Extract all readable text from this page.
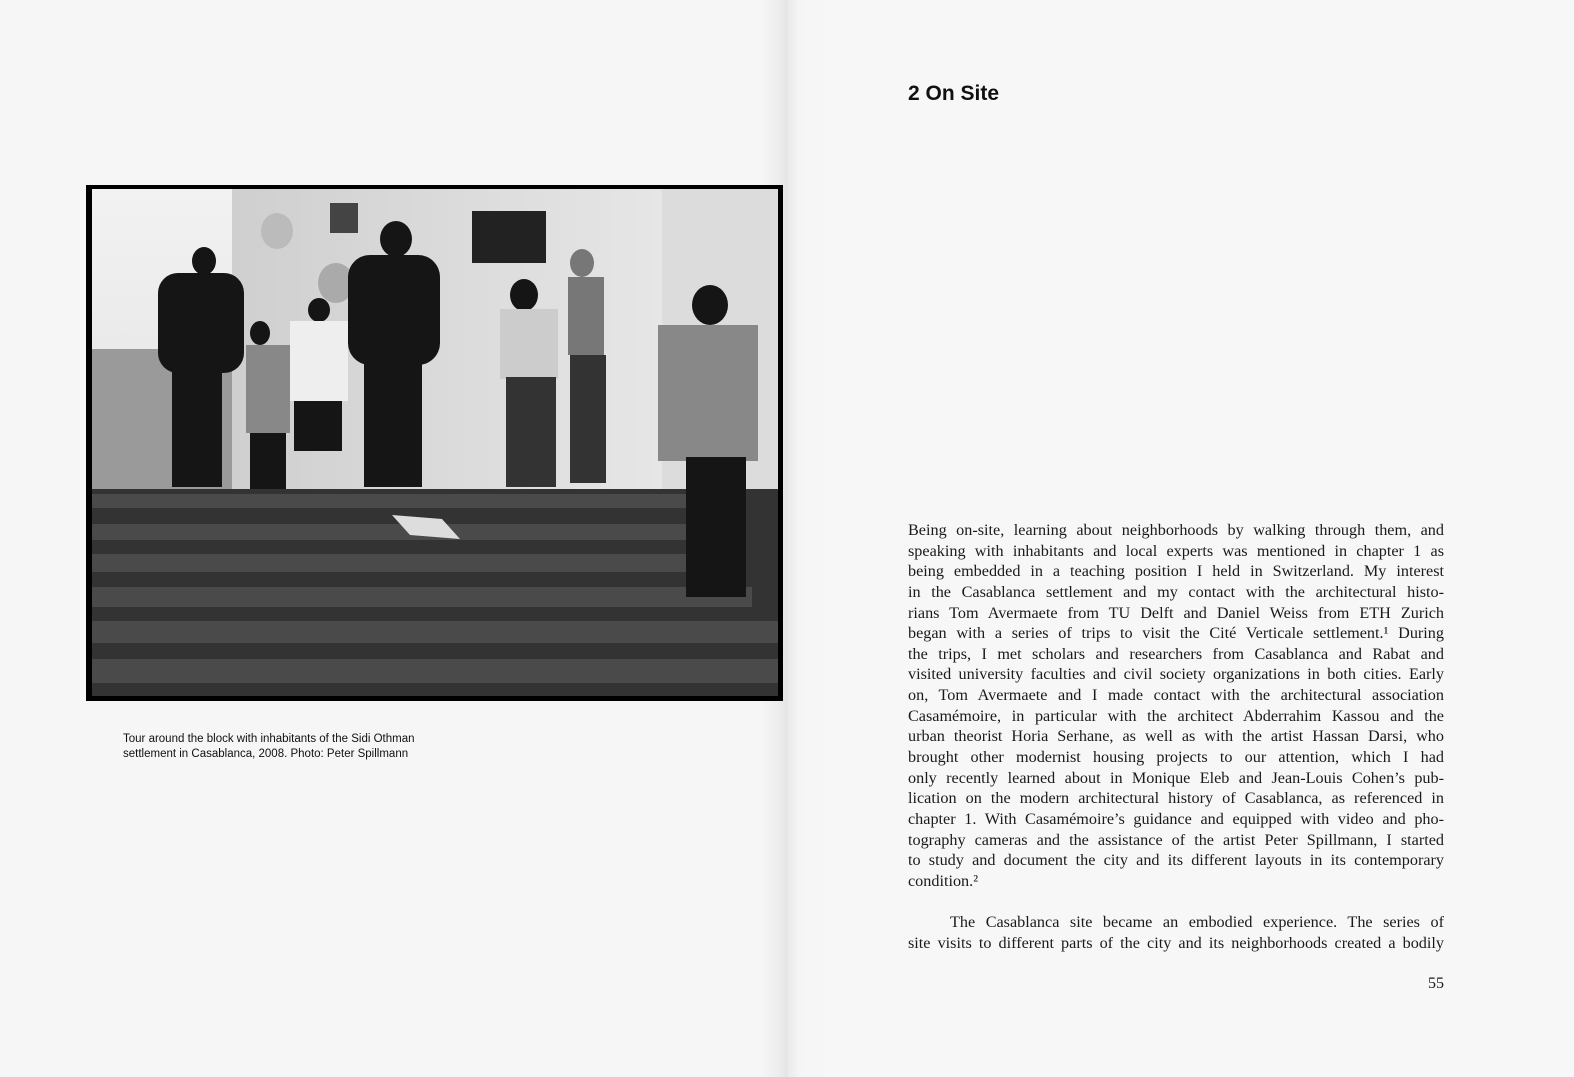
Tour around the block with inhabitants of the Sidi Othman
settlement in Casablanca, 2008. Photo: Peter Spillmann
2 On Site
Being on-site, learning about neighborhoods by walking through them, and
speaking with inhabitants and local experts was mentioned in chapter 1 as
being embedded in a teaching position I held in Switzerland. My interest
in the Casablanca settlement and my contact with the architectural histo-
rians Tom Avermaete from TU Delft and Daniel Weiss from ETH Zurich
began with a series of trips to visit the Cité Verticale settlement.¹ During
the trips, I met scholars and researchers from Casablanca and Rabat and
visited university faculties and civil society organizations in both cities. Early
on, Tom Avermaete and I made contact with the architectural association
Casamémoire, in particular with the architect Abderrahim Kassou and the
urban theorist Horia Serhane, as well as with the artist Hassan Darsi, who
brought other modernist housing projects to our attention, which I had
only recently learned about in Monique Eleb and Jean-Louis Cohen’s pub-
lication on the modern architectural history of Casablanca, as referenced in
chapter 1. With Casamémoire’s guidance and equipped with video and pho-
tography cameras and the assistance of the artist Peter Spillmann, I started
to study and document the city and its different layouts in its contemporary
condition.²
The Casablanca site became an embodied experience. The series of
site visits to different parts of the city and its neighborhoods created a bodily
55
